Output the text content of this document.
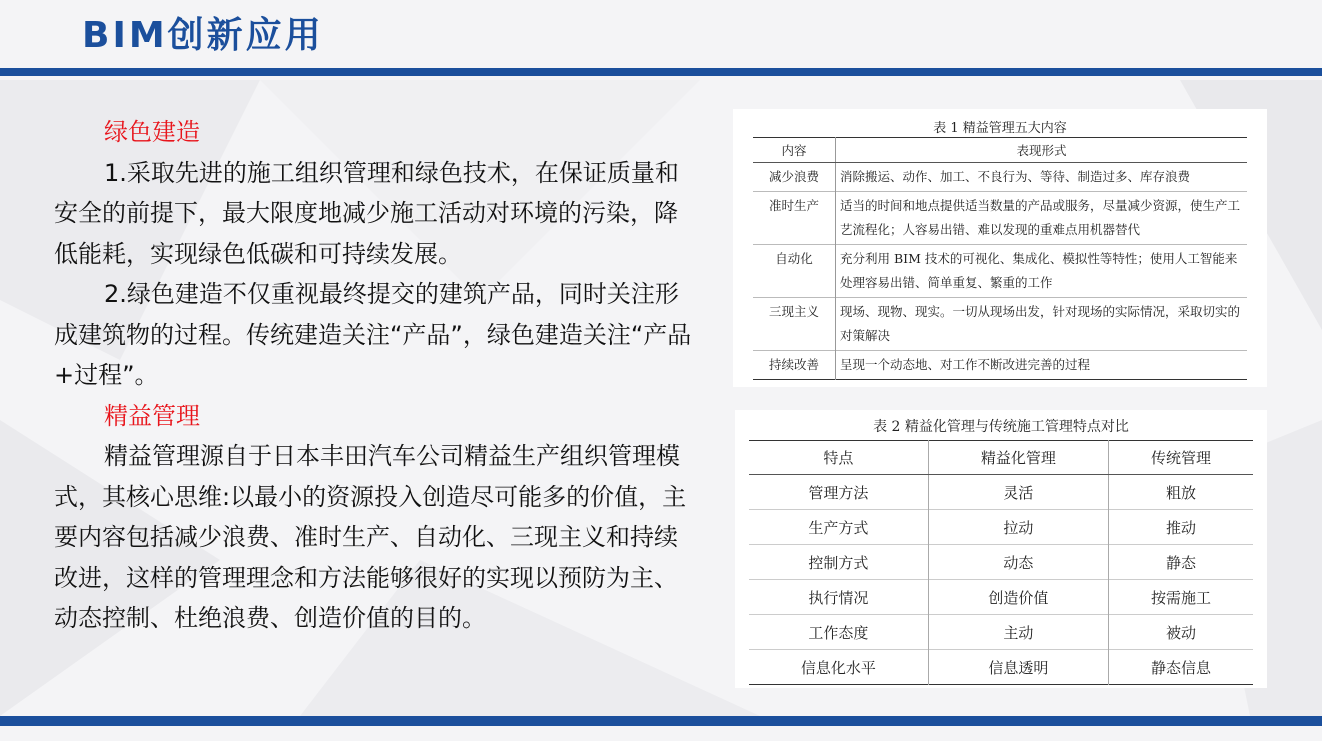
BIM创新应用

绿色建造

1.采取先进的施工组织管理和绿色技术，在保证质量和安全的前提下，最大限度地减少施工活动对环境的污染，降低能耗，实现绿色低碳和可持续发展。

2.绿色建造不仅重视最终提交的建筑产品，同时关注形成建筑物的过程。传统建造关注“产品”，绿色建造关注“产品+过程”。

精益管理

精益管理源自于日本丰田汽车公司精益生产组织管理模式，其核心思维:以最小的资源投入创造尽可能多的价值，主要内容包括减少浪费、准时生产、自动化、三现主义和持续改进，这样的管理理念和方法能够很好的实现以预防为主、动态控制、杜绝浪费、创造价值的目的。

表 1 精益管理五大内容
内容	表现形式
减少浪费	消除搬运、动作、加工、不良行为、等待、制造过多、库存浪费
准时生产	适当的时间和地点提供适当数量的产品或服务，尽量减少资源，使生产工艺流程化；人容易出错、难以发现的重难点用机器替代
自动化	充分利用 BIM 技术的可视化、集成化、模拟性等特性；使用人工智能来处理容易出错、简单重复、繁重的工作
三现主义	现场、现物、现实。一切从现场出发，针对现场的实际情况，采取切实的对策解决
持续改善	呈现一个动态地、对工作不断改进完善的过程
表 2 精益化管理与传统施工管理特点对比
特点	精益化管理	传统管理
管理方法	灵活	粗放
生产方式	拉动	推动
控制方式	动态	静态
执行情况	创造价值	按需施工
工作态度	主动	被动
信息化水平	信息透明	静态信息
